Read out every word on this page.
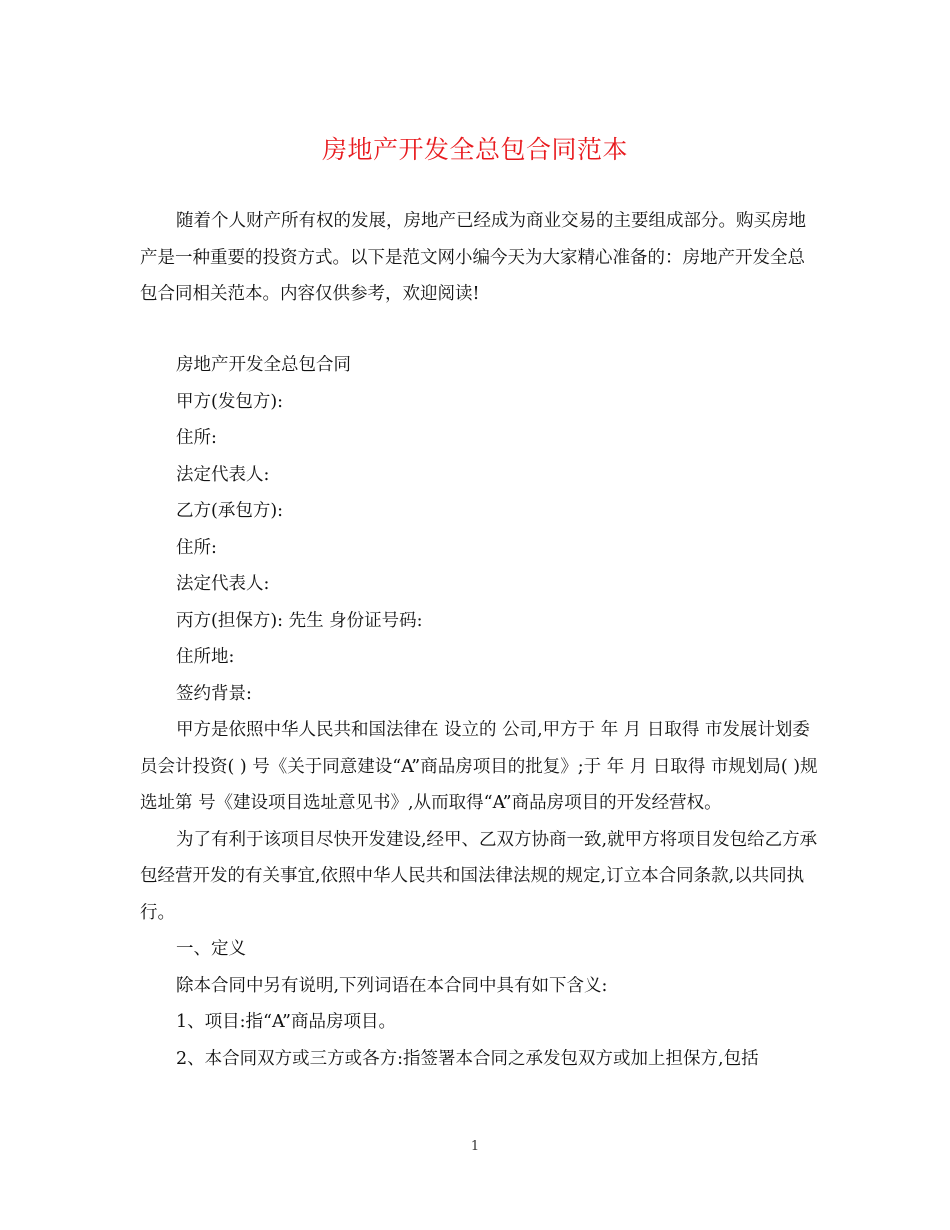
房地产开发全总包合同范本

随着个人财产所有权的发展，房地产已经成为商业交易的主要组成部分。购买房地产是一种重要的投资方式。以下是范文网小编今天为大家精心准备的：房地产开发全总包合同相关范本。内容仅供参考，欢迎阅读!

房地产开发全总包合同

甲方(发包方):

住所:

法定代表人:

乙方(承包方):

住所:

法定代表人:

丙方(担保方): 先生 身份证号码:

住所地:

签约背景:

甲方是依照中华人民共和国法律在 设立的 公司,甲方于 年 月 日取得 市发展计划委员会计投资( ) 号《关于同意建设“A”商品房项目的批复》;于 年 月 日取得 市规划局( )规选址第 号《建设项目选址意见书》,从而取得“A”商品房项目的开发经营权。

为了有利于该项目尽快开发建设,经甲、乙双方协商一致,就甲方将项目发包给乙方承包经营开发的有关事宜,依照中华人民共和国法律法规的规定,订立本合同条款,以共同执行。

一、定义

除本合同中另有说明,下列词语在本合同中具有如下含义:

1、项目:指“A”商品房项目。

2、本合同双方或三方或各方:指签署本合同之承发包双方或加上担保方,包括

1
